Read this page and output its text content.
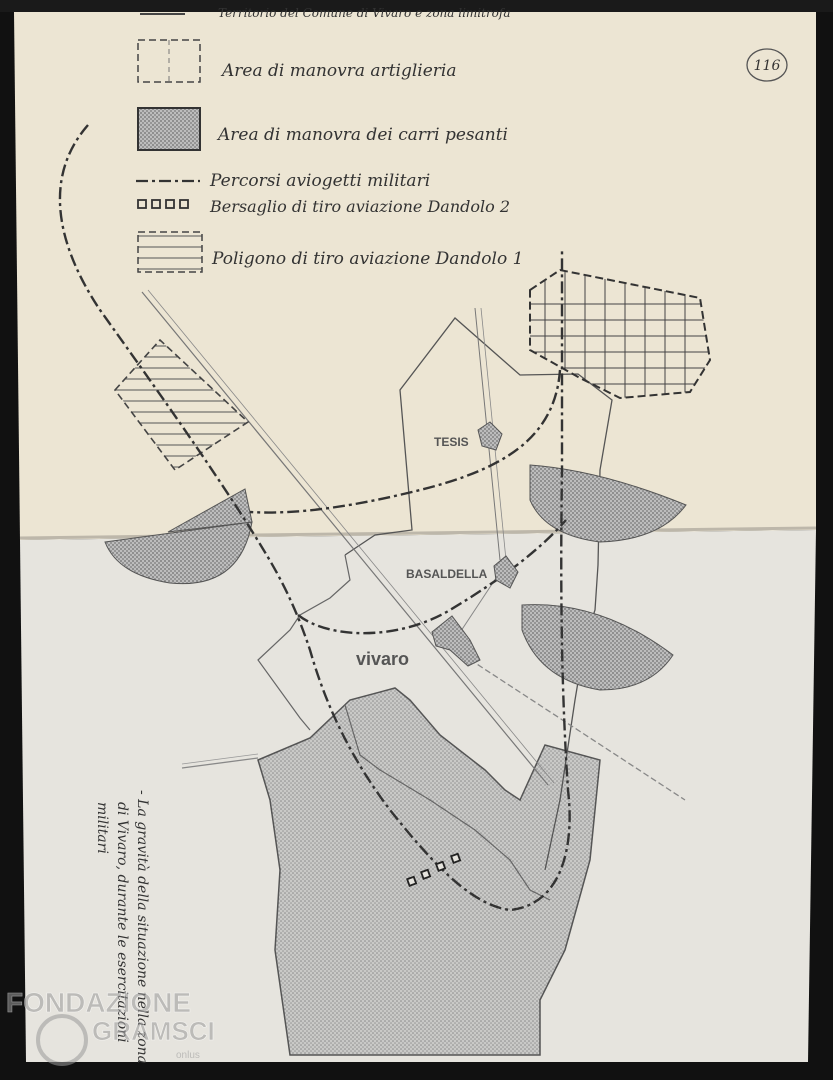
Territorio del Comune di Vivaro e zona limitrofa
116
Area di manovra artiglieria
Area di manovra dei carri pesanti
Percorsi aviogetti militari
Bersaglio di tiro aviazione Dandolo 2
Poligono di tiro aviazione Dandolo 1
TESIS
BASALDELLA
vivaro
- La gravità della situazione nella zona
di Vivaro, durante le esercitazioni
militari
FONDAZIONE
GRAMSCI
onlus
